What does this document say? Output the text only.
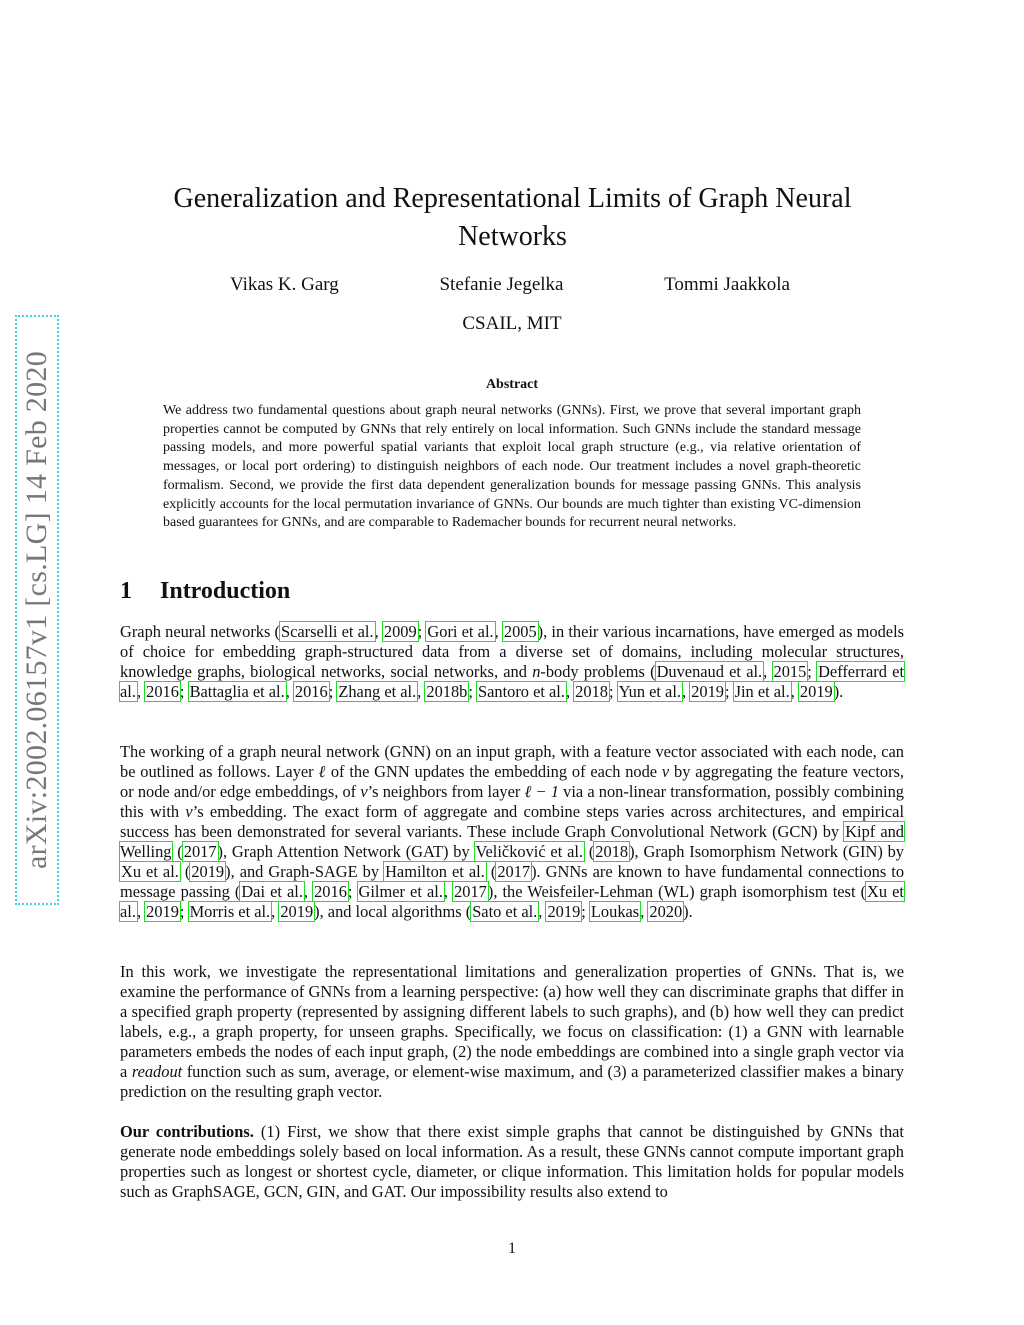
arXiv:2002.06157v1 [cs.LG] 14 Feb 2020
Generalization and Representational Limits of Graph Neural Networks
Vikas K. Garg	Stefanie Jegelka	Tommi Jaakkola
CSAIL, MIT
Abstract
We address two fundamental questions about graph neural networks (GNNs). First, we prove that several important graph properties cannot be computed by GNNs that rely entirely on local information. Such GNNs include the standard message passing models, and more powerful spatial variants that exploit local graph structure (e.g., via relative orientation of messages, or local port ordering) to distinguish neighbors of each node. Our treatment includes a novel graph-theoretic formalism. Second, we provide the first data dependent generalization bounds for message passing GNNs. This analysis explicitly accounts for the local permutation invariance of GNNs. Our bounds are much tighter than existing VC-dimension based guarantees for GNNs, and are comparable to Rademacher bounds for recurrent neural networks.
1 Introduction
Graph neural networks (Scarselli et al., 2009; Gori et al., 2005), in their various incarnations, have emerged as models of choice for embedding graph-structured data from a diverse set of domains, including molecular structures, knowledge graphs, biological networks, social networks, and n-body problems (Duvenaud et al., 2015; Defferrard et al., 2016; Battaglia et al., 2016; Zhang et al., 2018b; Santoro et al., 2018; Yun et al., 2019; Jin et al., 2019).
The working of a graph neural network (GNN) on an input graph, with a feature vector associated with each node, can be outlined as follows. Layer ℓ of the GNN updates the embedding of each node v by aggregating the feature vectors, or node and/or edge embeddings, of v’s neighbors from layer ℓ − 1 via a non-linear transformation, possibly combining this with v’s embedding. The exact form of aggregate and combine steps varies across architectures, and empirical success has been demonstrated for several variants. These include Graph Convolutional Network (GCN) by Kipf and Welling (2017), Graph Attention Network (GAT) by Veličković et al. (2018), Graph Isomorphism Network (GIN) by Xu et al. (2019), and Graph-SAGE by Hamilton et al. (2017). GNNs are known to have fundamental connections to message passing (Dai et al., 2016; Gilmer et al., 2017), the Weisfeiler-Lehman (WL) graph isomorphism test (Xu et al., 2019; Morris et al., 2019), and local algorithms (Sato et al., 2019; Loukas, 2020).
In this work, we investigate the representational limitations and generalization properties of GNNs. That is, we examine the performance of GNNs from a learning perspective: (a) how well they can discriminate graphs that differ in a specified graph property (represented by assigning different labels to such graphs), and (b) how well they can predict labels, e.g., a graph property, for unseen graphs. Specifically, we focus on classification: (1) a GNN with learnable parameters embeds the nodes of each input graph, (2) the node embeddings are combined into a single graph vector via a readout function such as sum, average, or element-wise maximum, and (3) a parameterized classifier makes a binary prediction on the resulting graph vector.
Our contributions. (1) First, we show that there exist simple graphs that cannot be distinguished by GNNs that generate node embeddings solely based on local information. As a result, these GNNs cannot compute important graph properties such as longest or shortest cycle, diameter, or clique information. This limitation holds for popular models such as GraphSAGE, GCN, GIN, and GAT. Our impossibility results also extend to
1
